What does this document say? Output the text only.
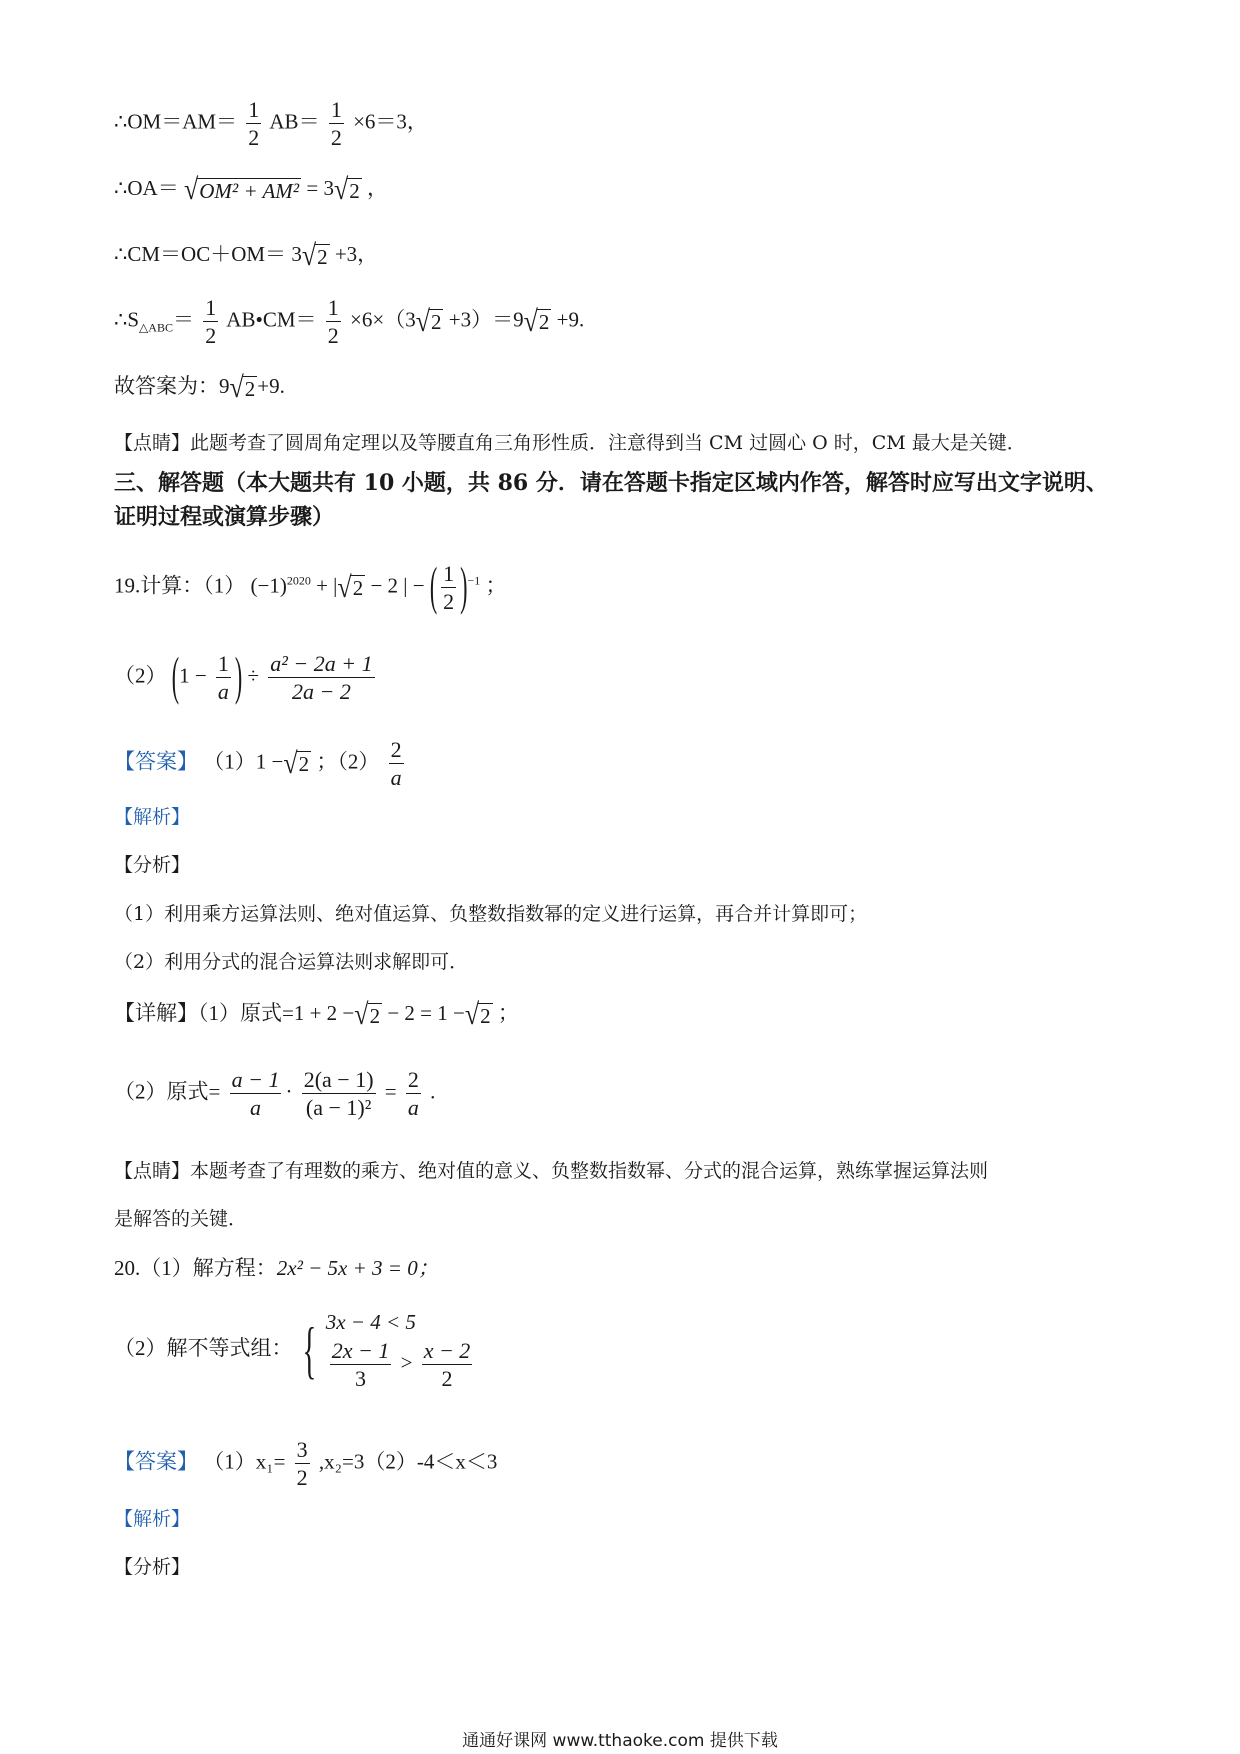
∴OM＝AM＝ $\frac{1}{2} AB= \frac{1}{2} \times 6=3$，
∴OA＝ √ OM² + AM² = 3 √ 2 ，
∴CM＝OC＋OM＝ 3 √ 2 +3，
$\therefore S_{\triangle ABC}= \frac{1}{2}$ AB•CM＝ $\frac{1}{2} \times 6\times(3$ √ 2 +3）＝9 √ 2 +9.
故答案为：9 √ 2 +9.
【点睛】此题考查了圆周角定理以及等腰直角三角形性质．注意得到当 CM 过圆心 O 时，CM 最大是关键．
三、解答题（本大题共有 10 小题，共 86 分．请在答题卡指定区域内作答，解答时应写出文字说明、证明过程或演算步骤）
19.计算：（1） $(-1)^{2020}$ + | √ 2 − 2 | − ( $\frac{1}{2} )^{-1}$ ；
（2） ($1 - \frac{1}{a}$ ) ÷ $\frac{\text{a² − 2a + 1}}{2a - 2}$
【答案】 （1）1 − √ 2 ；$(2) \frac{2}{a}$
【解析】
【分析】
（1）利用乘方运算法则、绝对值运算、负整数指数幂的定义进行运算，再合并计算即可；
（2）利用分式的混合运算法则求解即可．
【详解】（1）原式=1 + 2 − √ 2 − 2 = 1 − √ 2 ；
（2）原式= $\frac{a - 1}{a} \cdot \frac{2(a - 1)}{\text{(a − 1)²}} = \frac{2}{a}$ .
【点睛】本题考查了有理数的乘方、绝对值的意义、负整数指数幂、分式的混合运算，熟练掌握运算法则
是解答的关键．
20.（1）解方程：2x² − 5x + 3 = 0；
（2）解不等式组： { 3x − 4 < 5
$\frac{2x - 1}{3} > \frac{x - 2}{2}$
【答案】 $(1)x_1= \frac{3}{2} ,x_2=3(2)-4<x<3$
【解析】
【分析】
通通好课网 www.tthaoke.com 提供下载
